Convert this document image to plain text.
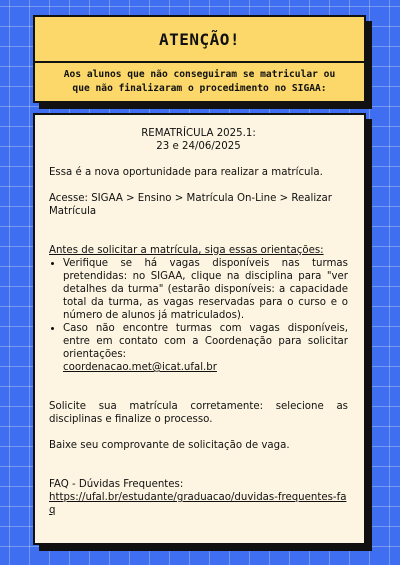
ATENÇÃO!
Aos alunos que não conseguiram se matricular ou
que não finalizaram o procedimento no SIGAA:

REMATRÍCULA 2025.1:

23 e 24/06/2025

Essa é a nova oportunidade para realizar a matrícula.

Acesse: SIGAA > Ensino > Matrícula On-Line > Realizar Matrícula

Antes de solicitar a matrícula, siga essas orientações:

• Verifique se há vagas disponíveis nas turmas pretendidas: no SIGAA, clique na disciplina para "ver detalhes da turma" (estarão disponíveis: a capacidade total da turma, as vagas reservadas para o curso e o número de alunos já matriculados).
• Caso não encontre turmas com vagas disponíveis, entre em contato com a Coordenação para solicitar orientações:
coordenacao.met@icat.ufal.br

Solicite sua matrícula corretamente: selecione as disciplinas e finalize o processo.

Baixe seu comprovante de solicitação de vaga.

FAQ - Dúvidas Frequentes:

https://ufal.br/estudante/graduacao/duvidas-frequentes-faq
